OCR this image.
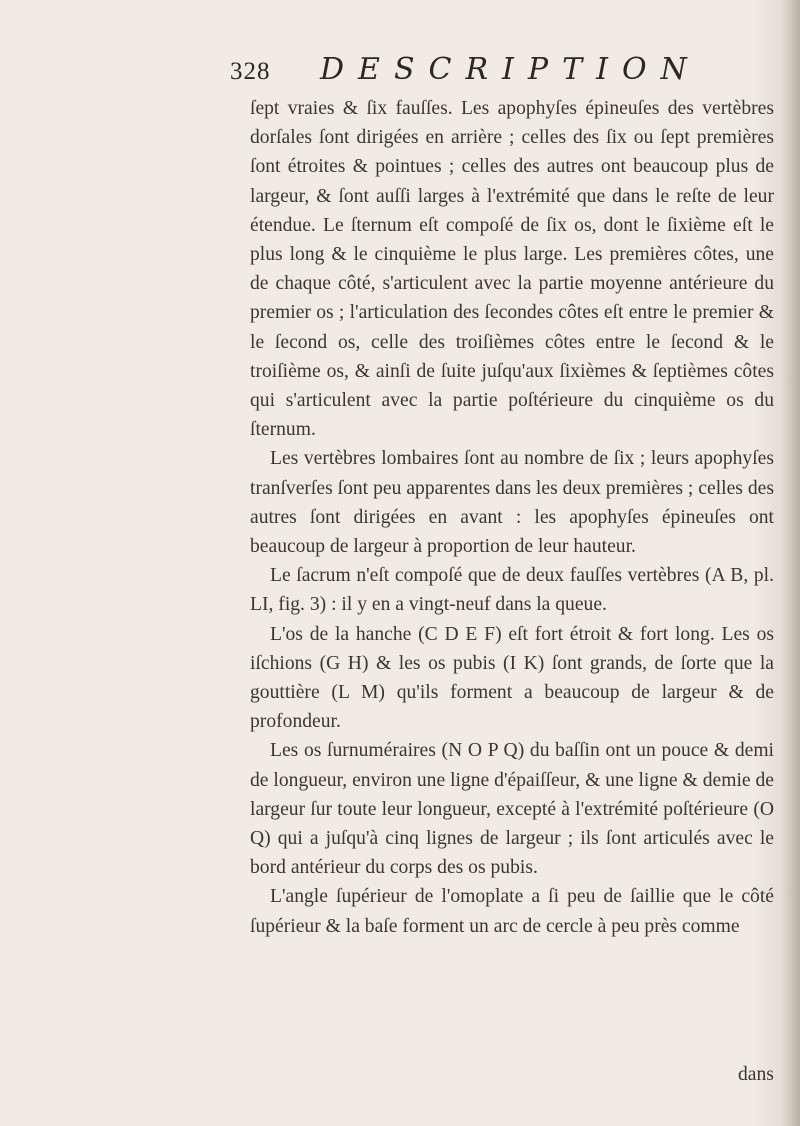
328 DESCRIPTION

ſept vraies & ſix fauſſes. Les apophyſes épineuſes des vertèbres dorſales ſont dirigées en arrière ; celles des ſix ou ſept premières ſont étroites & pointues ; celles des autres ont beaucoup plus de largeur, & ſont auſſi larges à l'extrémité que dans le reſte de leur étendue. Le ſternum eſt compoſé de ſix os, dont le ſixième eſt le plus long & le cinquième le plus large. Les premières côtes, une de chaque côté, s'articulent avec la partie moyenne antérieure du premier os ; l'articulation des ſecondes côtes eſt entre le premier & le ſecond os, celle des troiſièmes côtes entre le ſecond & le troiſième os, & ainſi de ſuite juſqu'aux ſixièmes & ſeptièmes côtes qui s'articulent avec la partie poſtérieure du cinquième os du ſternum.

Les vertèbres lombaires ſont au nombre de ſix ; leurs apophyſes tranſverſes ſont peu apparentes dans les deux premières ; celles des autres ſont dirigées en avant : les apophyſes épineuſes ont beaucoup de largeur à proportion de leur hauteur.

Le ſacrum n'eſt compoſé que de deux fauſſes vertèbres (A B, pl. LI, fig. 3) : il y en a vingt-neuf dans la queue.

L'os de la hanche (C D E F) eſt fort étroit & fort long. Les os iſchions (G H) & les os pubis (I K) ſont grands, de ſorte que la gouttière (L M) qu'ils forment a beaucoup de largeur & de profondeur.

Les os ſurnuméraires (N O P Q) du baſſin ont un pouce & demi de longueur, environ une ligne d'épaiſſeur, & une ligne & demie de largeur ſur toute leur longueur, excepté à l'extrémité poſtérieure (O Q) qui a juſqu'à cinq lignes de largeur ; ils ſont articulés avec le bord antérieur du corps des os pubis.

L'angle ſupérieur de l'omoplate a ſi peu de ſaillie que le côté ſupérieur & la baſe forment un arc de cercle à peu près comme

dans
